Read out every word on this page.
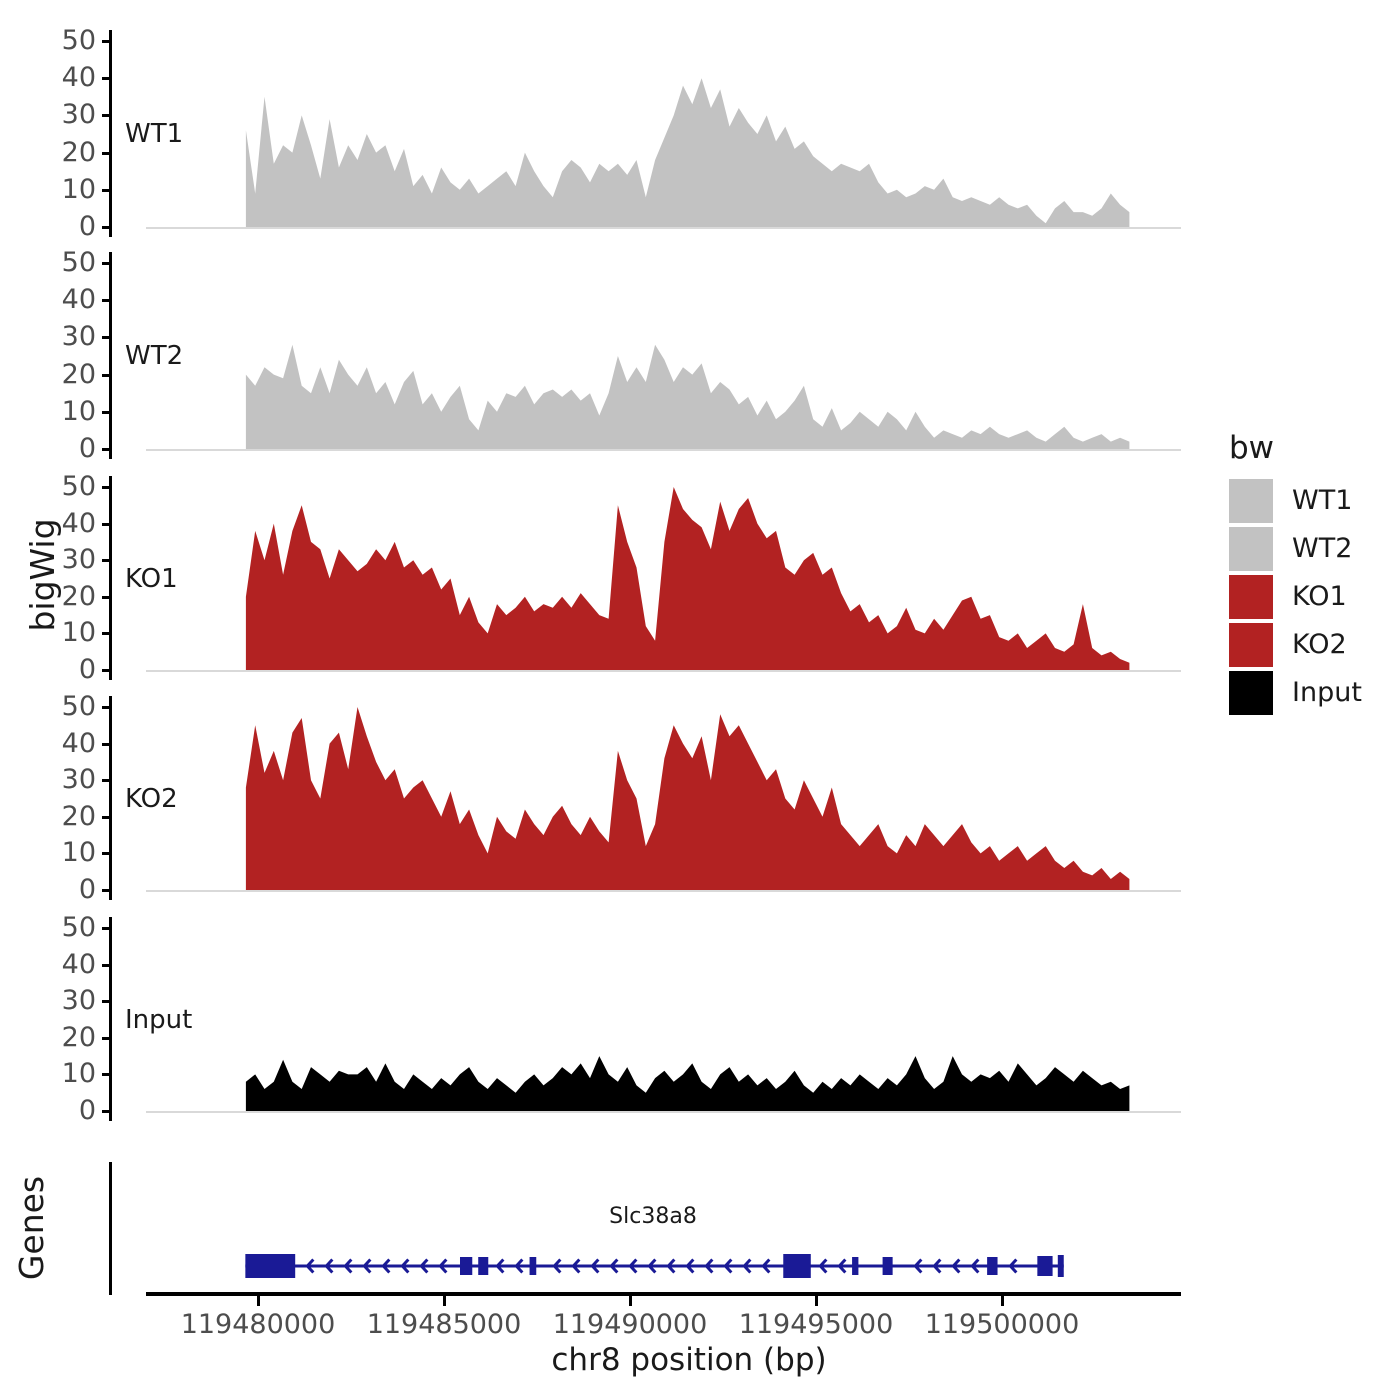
bigWig
Genes
50
40
30
20
10
0
WT1
50
40
30
20
10
0
WT2
50
40
30
20
10
0
KO1
50
40
30
20
10
0
KO2
50
40
30
20
10
0
Input
Slc38a8
119480000 119485000 119490000 119495000 119500000
chr8 position (bp)
bw
WT1
WT2
KO1
KO2
Input
